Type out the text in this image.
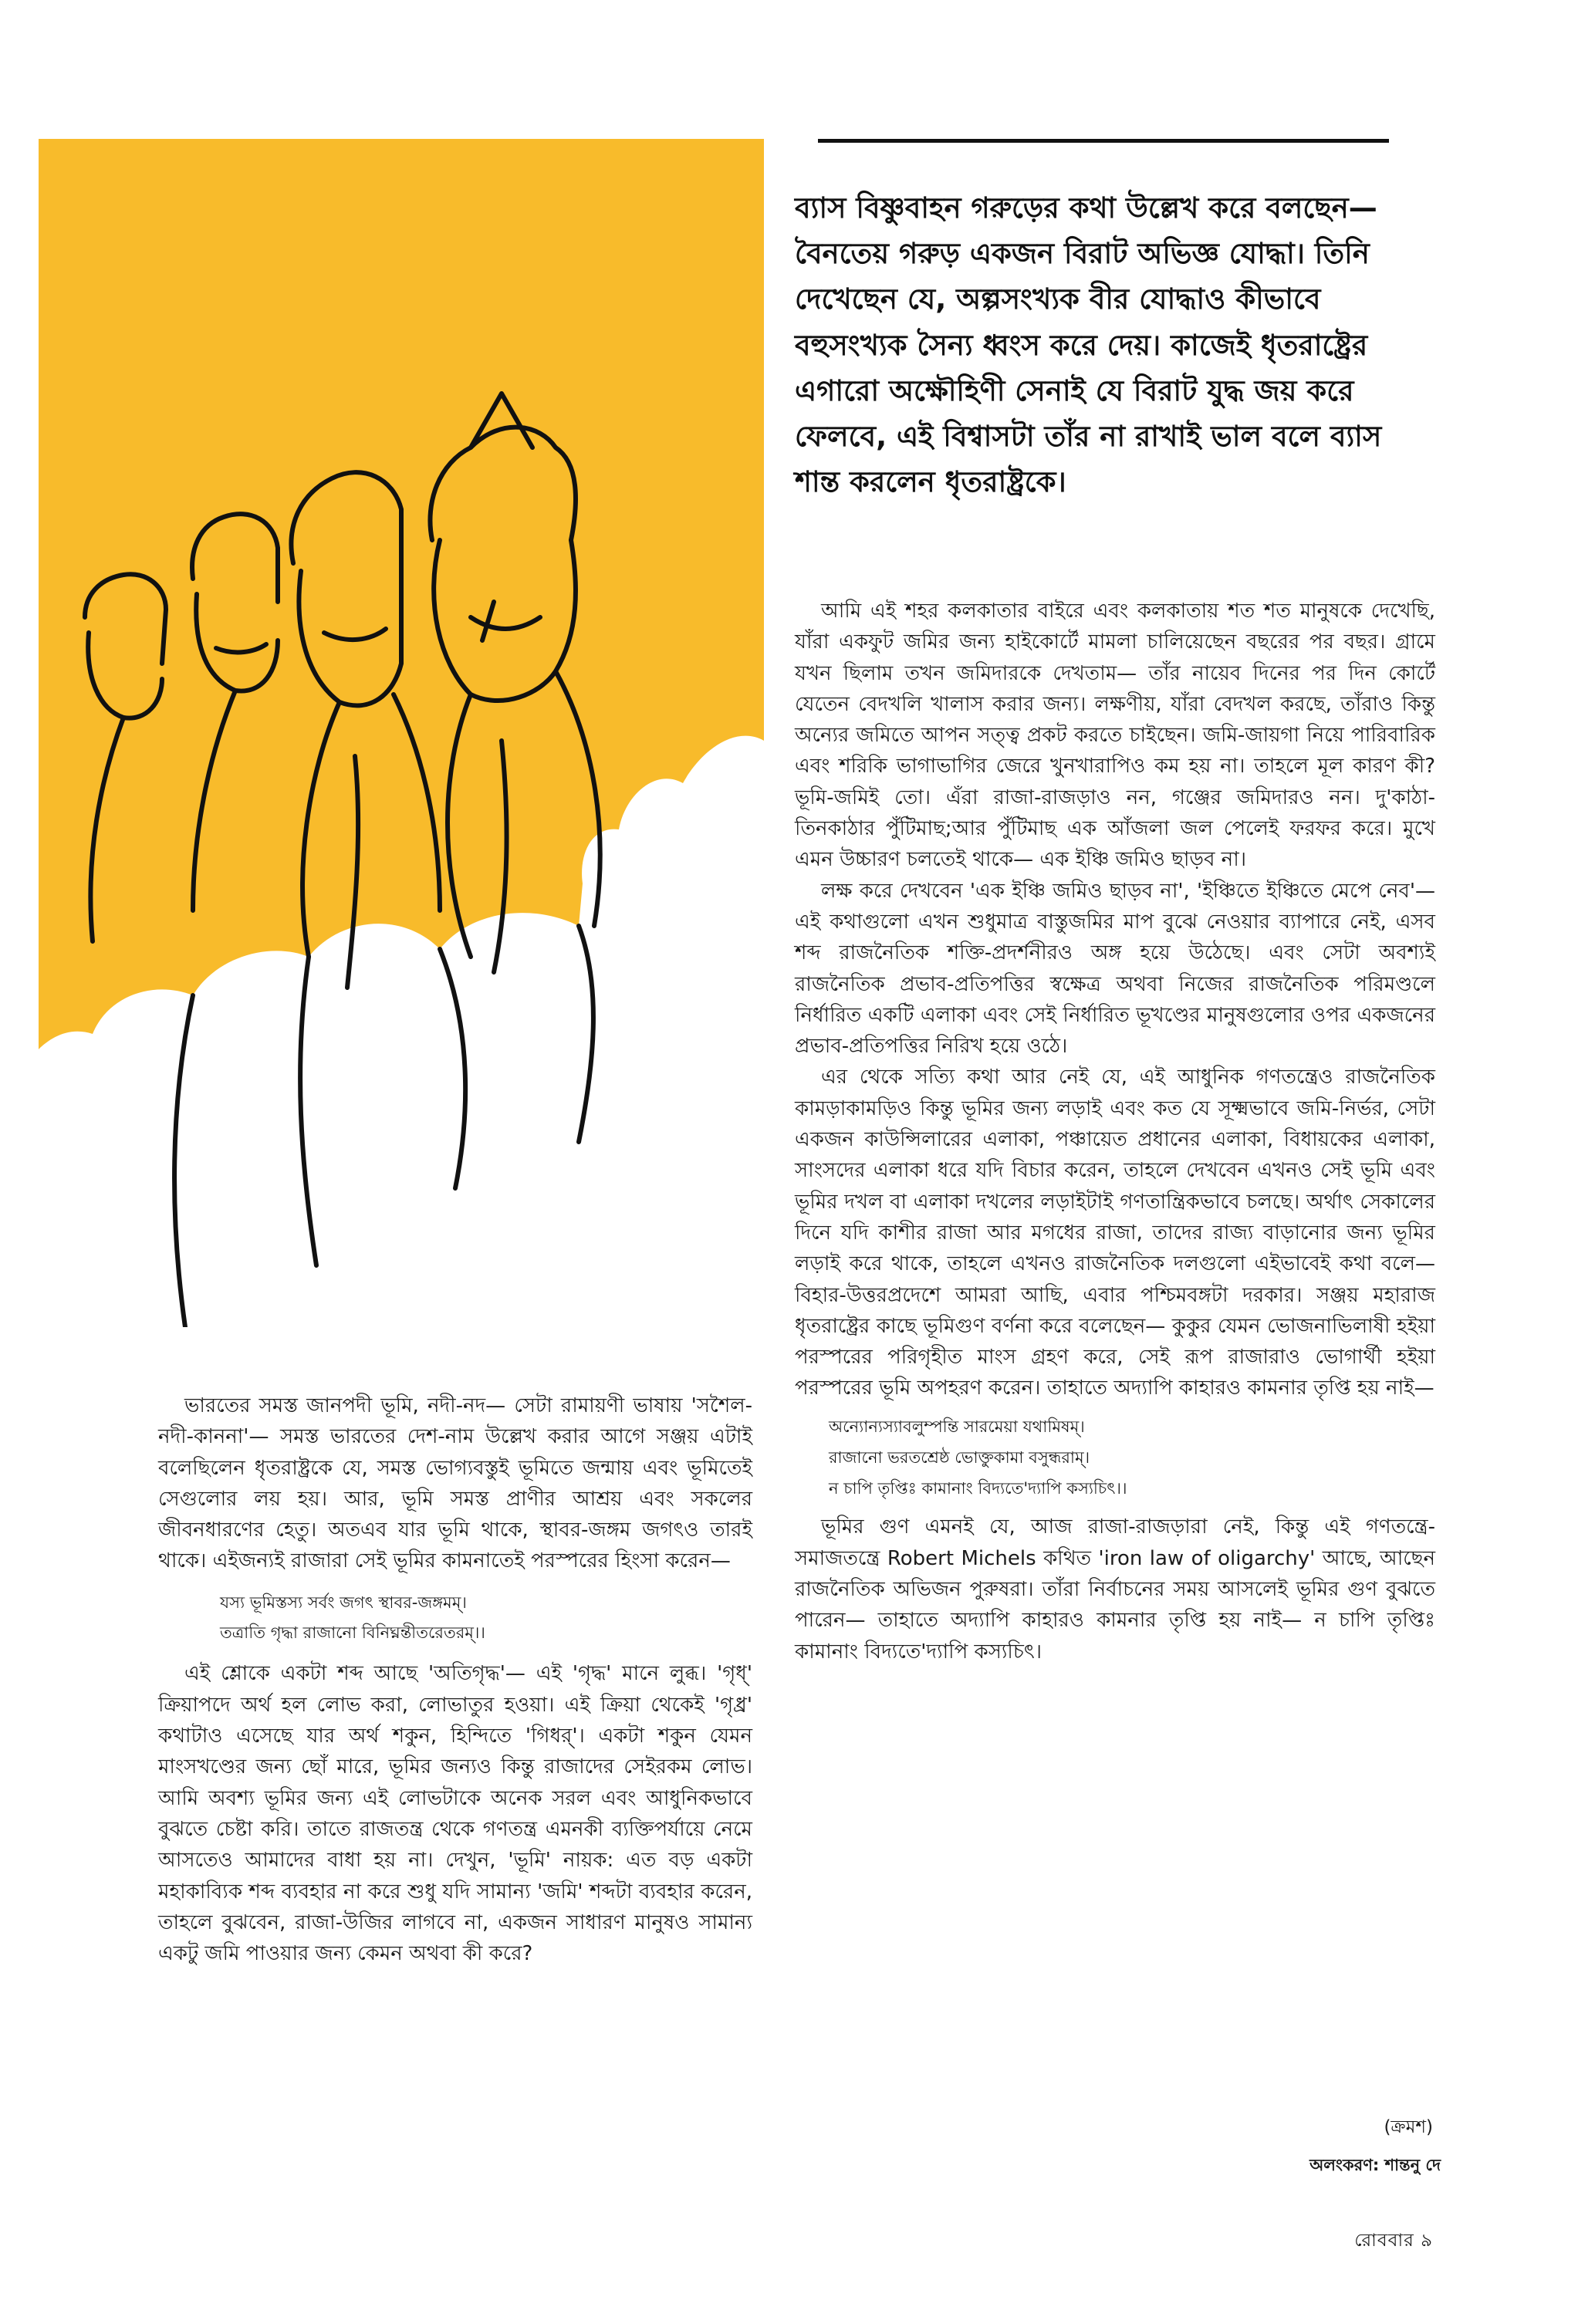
ব্যাস বিষ্ণুবাহন গরুড়ের কথা উল্লেখ করে বলছেন— বৈনতেয় গরুড় একজন বিরাট অভিজ্ঞ যোদ্ধা। তিনি দেখেছেন যে, অল্পসংখ্যক বীর যোদ্ধাও কীভাবে বহুসংখ্যক সৈন্য ধ্বংস করে দেয়। কাজেই ধৃতরাষ্ট্রের এগারো অক্ষৌহিণী সেনাই যে বিরাট যুদ্ধ জয় করে ফেলবে, এই বিশ্বাসটা তাঁর না রাখাই ভাল বলে ব্যাস শান্ত করলেন ধৃতরাষ্ট্রকে।

আমি এই শহর কলকাতার বাইরে এবং কলকাতায় শত শত মানুষকে দেখেছি, যাঁরা একফুট জমির জন্য হাইকোর্টে মামলা চালিয়েছেন বছরের পর বছর। গ্রামে যখন ছিলাম তখন জমিদারকে দেখতাম— তাঁর নায়েব দিনের পর দিন কোর্টে যেতেন বেদখলি খালাস করার জন্য। লক্ষণীয়, যাঁরা বেদখল করছে, তাঁরাও কিন্তু অন্যের জমিতে আপন সত্ত্ব প্রকট করতে চাইছেন। জমি-জায়গা নিয়ে পারিবারিক এবং শরিকি ভাগাভাগির জেরে খুনখারাপিও কম হয় না। তাহলে মূল কারণ কী? ভূমি-জমিই তো। এঁরা রাজা-রাজড়াও নন, গঞ্জের জমিদারও নন। দু'কাঠা-তিনকাঠার পুঁটিমাছ;আর পুঁটিমাছ এক আঁজলা জল পেলেই ফরফর করে। মুখে এমন উচ্চারণ চলতেই থাকে— এক ইঞ্চি জমিও ছাড়ব না।

লক্ষ করে দেখবেন 'এক ইঞ্চি জমিও ছাড়ব না', 'ইঞ্চিতে ইঞ্চিতে মেপে নেব'— এই কথাগুলো এখন শুধুমাত্র বাস্তুজমির মাপ বুঝে নেওয়ার ব্যাপারে নেই, এসব শব্দ রাজনৈতিক শক্তি-প্রদর্শনীরও অঙ্গ হয়ে উঠেছে। এবং সেটা অবশ্যই রাজনৈতিক প্রভাব-প্রতিপত্তির স্বক্ষেত্র অথবা নিজের রাজনৈতিক পরিমণ্ডলে নির্ধারিত একটি এলাকা এবং সেই নির্ধারিত ভূখণ্ডের মানুষগুলোর ওপর একজনের প্রভাব-প্রতিপত্তির নিরিখ হয়ে ওঠে।

এর থেকে সত্যি কথা আর নেই যে, এই আধুনিক গণতন্ত্রেও রাজনৈতিক কামড়াকামড়িও কিন্তু ভূমির জন্য লড়াই এবং কত যে সূক্ষ্মভাবে জমি-নির্ভর, সেটা একজন কাউন্সিলারের এলাকা, পঞ্চায়েত প্রধানের এলাকা, বিধায়কের এলাকা, সাংসদের এলাকা ধরে যদি বিচার করেন, তাহলে দেখবেন এখনও সেই ভূমি এবং ভূমির দখল বা এলাকা দখলের লড়াইটাই গণতান্ত্রিকভাবে চলছে। অর্থাৎ সেকালের দিনে যদি কাশীর রাজা আর মগধের রাজা, তাদের রাজ্য বাড়ানোর জন্য ভূমির লড়াই করে থাকে, তাহলে এখনও রাজনৈতিক দলগুলো এইভাবেই কথা বলে— বিহার-উত্তরপ্রদেশে আমরা আছি, এবার পশ্চিমবঙ্গটা দরকার। সঞ্জয় মহারাজ ধৃতরাষ্ট্রের কাছে ভূমিগুণ বর্ণনা করে বলেছেন— কুকুর যেমন ভোজনাভিলাষী হইয়া পরস্পরের পরিগৃহীত মাংস গ্রহণ করে, সেই রূপ রাজারাও ভোগার্থী হইয়া পরস্পরের ভূমি অপহরণ করেন। তাহাতে অদ্যাপি কাহারও কামনার তৃপ্তি হয় নাই—

অন্যোন্যস্যাবলুম্পন্তি সারমেয়া যথামিষম্।
রাজানো ভরতশ্রেষ্ঠ ভোক্তুকামা বসুন্ধরাম্।
ন চাপি তৃপ্তিঃ কামানাং বিদ্যতে'দ্যাপি কস্যচিৎ।।

ভূমির গুণ এমনই যে, আজ রাজা-রাজড়ারা নেই, কিন্তু এই গণতন্ত্রে-সমাজতন্ত্রে Robert Michels কথিত 'iron law of oligarchy' আছে, আছেন রাজনৈতিক অভিজন পুরুষরা। তাঁরা নির্বাচনের সময় আসলেই ভূমির গুণ বুঝতে পারেন— তাহাতে অদ্যাপি কাহারও কামনার তৃপ্তি হয় নাই— ন চাপি তৃপ্তিঃ কামানাং বিদ্যতে'দ্যাপি কস্যচিৎ।

ভারতের সমস্ত জানপদী ভূমি, নদী-নদ— সেটা রামায়ণী ভাষায় 'সশৈল-নদী-কাননা'— সমস্ত ভারতের দেশ-নাম উল্লেখ করার আগে সঞ্জয় এটাই বলেছিলেন ধৃতরাষ্ট্রকে যে, সমস্ত ভোগ্যবস্তুই ভূমিতে জন্মায় এবং ভূমিতেই সেগুলোর লয় হয়। আর, ভূমি সমস্ত প্রাণীর আশ্রয় এবং সকলের জীবনধারণের হেতু। অতএব যার ভূমি থাকে, স্থাবর-জঙ্গম জগৎও তারই থাকে। এইজন্যই রাজারা সেই ভূমির কামনাতেই পরস্পরের হিংসা করেন—

যস্য ভূমিস্তস্য সর্বং জগৎ স্থাবর-জঙ্গমম্।
তত্রাতি গৃদ্ধা রাজানো বিনিঘ্নন্তীতরেতরম্।।

এই শ্লোকে একটা শব্দ আছে 'অতিগৃদ্ধ'— এই 'গৃদ্ধ' মানে লুব্ধ। 'গৃধ্' ক্রিয়াপদে অর্থ হল লোভ করা, লোভাতুর হওয়া। এই ক্রিয়া থেকেই 'গৃধ্র' কথাটাও এসেছে যার অর্থ শকুন, হিন্দিতে 'গিধর্'। একটা শকুন যেমন মাংসখণ্ডের জন্য ছোঁ মারে, ভূমির জন্যও কিন্তু রাজাদের সেইরকম লোভ। আমি অবশ্য ভূমির জন্য এই লোভটাকে অনেক সরল এবং আধুনিকভাবে বুঝতে চেষ্টা করি। তাতে রাজতন্ত্র থেকে গণতন্ত্র এমনকী ব্যক্তিপর্যায়ে নেমে আসতেও আমাদের বাধা হয় না। দেখুন, 'ভূমি' নায়ক: এত বড় একটা মহাকাব্যিক শব্দ ব্যবহার না করে শুধু যদি সামান্য 'জমি' শব্দটা ব্যবহার করেন, তাহলে বুঝবেন, রাজা-উজির লাগবে না, একজন সাধারণ মানুষও সামান্য একটু জমি পাওয়ার জন্য কেমন অথবা কী করে?

(ক্রমশ)
অলংকরণ: শান্তনু দে
রোববার ৯
